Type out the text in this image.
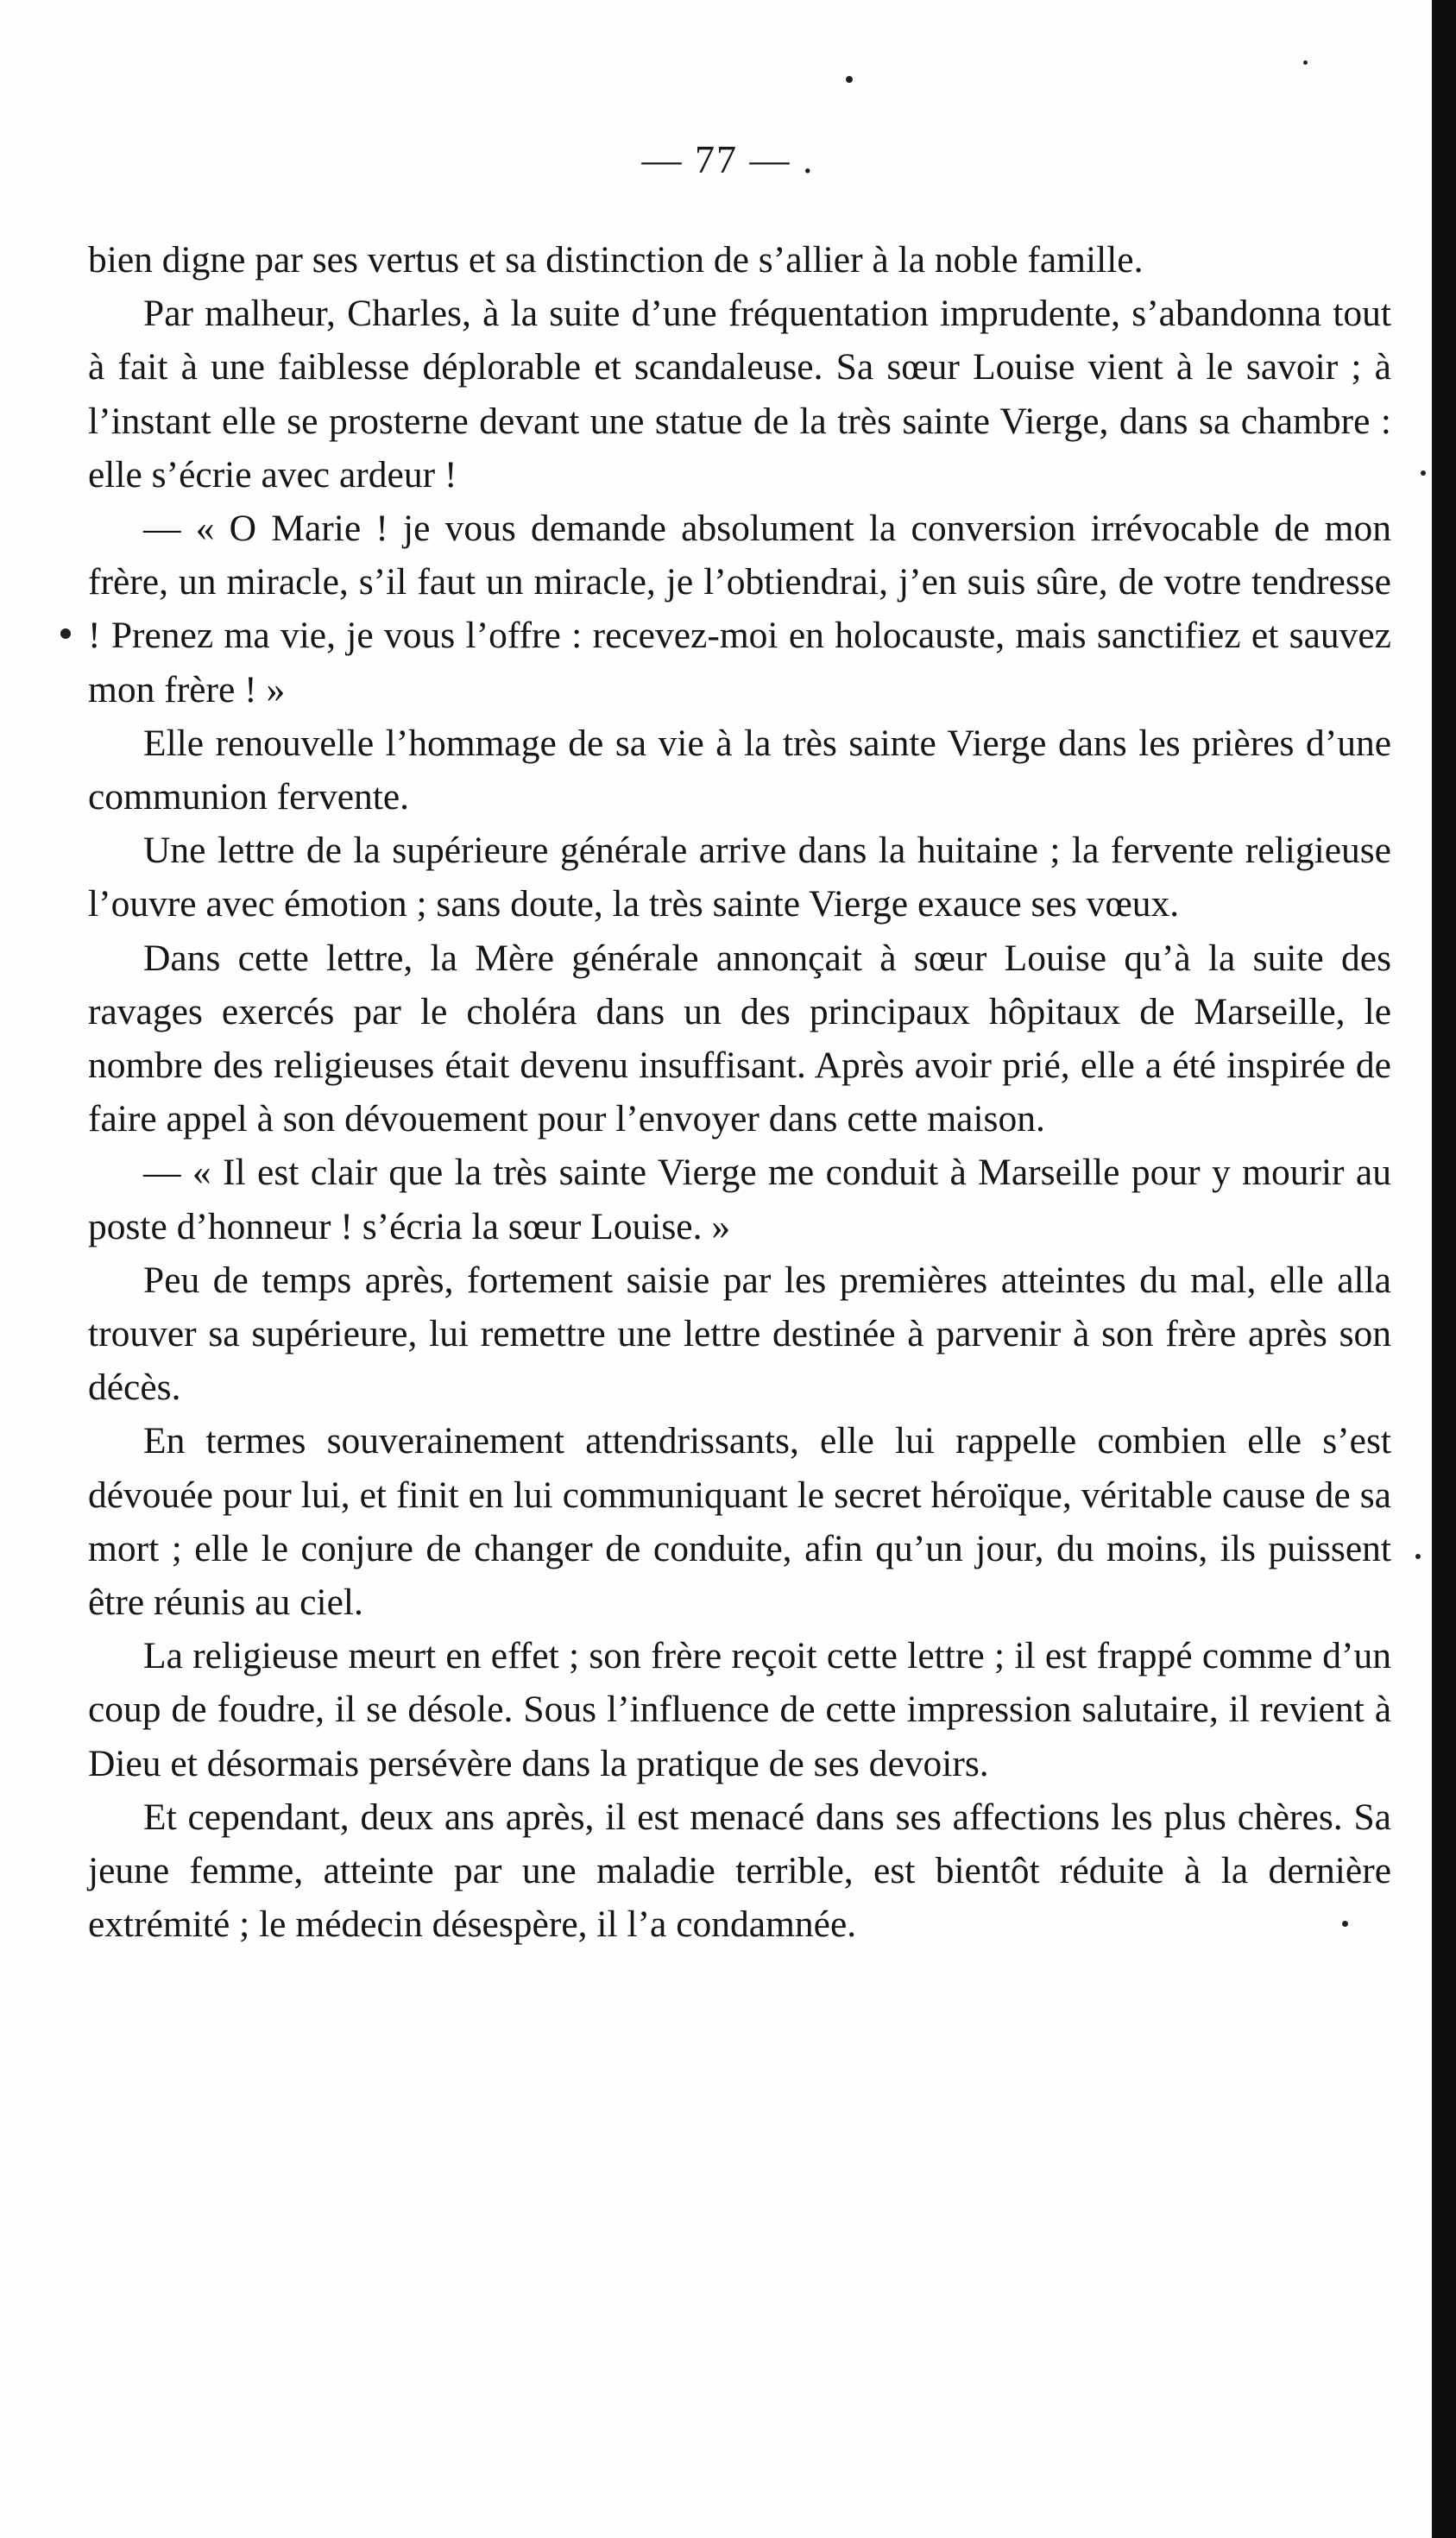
— 77 — .

bien digne par ses vertus et sa distinction de s’allier à la noble famille.

Par malheur, Charles, à la suite d’une fréquentation imprudente, s’abandonna tout à fait à une faiblesse déplorable et scandaleuse. Sa sœur Louise vient à le savoir ; à l’instant elle se prosterne devant une statue de la très sainte Vierge, dans sa chambre : elle s’écrie avec ardeur !

— « O Marie ! je vous demande absolument la conversion irrévocable de mon frère, un miracle, s’il faut un miracle, je l’obtiendrai, j’en suis sûre, de votre tendresse ! Prenez ma vie, je vous l’offre : recevez-moi en holocauste, mais sanctifiez et sauvez mon frère ! »

Elle renouvelle l’hommage de sa vie à la très sainte Vierge dans les prières d’une communion fervente.

Une lettre de la supérieure générale arrive dans la huitaine ; la fervente religieuse l’ouvre avec émotion ; sans doute, la très sainte Vierge exauce ses vœux.

Dans cette lettre, la Mère générale annonçait à sœur Louise qu’à la suite des ravages exercés par le choléra dans un des principaux hôpitaux de Marseille, le nombre des religieuses était devenu insuffisant. Après avoir prié, elle a été inspirée de faire appel à son dévouement pour l’envoyer dans cette maison.

— « Il est clair que la très sainte Vierge me conduit à Marseille pour y mourir au poste d’honneur ! s’écria la sœur Louise. »

Peu de temps après, fortement saisie par les premières atteintes du mal, elle alla trouver sa supérieure, lui remettre une lettre destinée à parvenir à son frère après son décès.

En termes souverainement attendrissants, elle lui rappelle combien elle s’est dévouée pour lui, et finit en lui communiquant le secret héroïque, véritable cause de sa mort ; elle le conjure de changer de conduite, afin qu’un jour, du moins, ils puissent être réunis au ciel.

La religieuse meurt en effet ; son frère reçoit cette lettre ; il est frappé comme d’un coup de foudre, il se désole. Sous l’influence de cette impression salutaire, il revient à Dieu et désormais persévère dans la pratique de ses devoirs.

Et cependant, deux ans après, il est menacé dans ses affections les plus chères. Sa jeune femme, atteinte par une maladie terrible, est bientôt réduite à la dernière extrémité ; le médecin désespère, il l’a condamnée.
